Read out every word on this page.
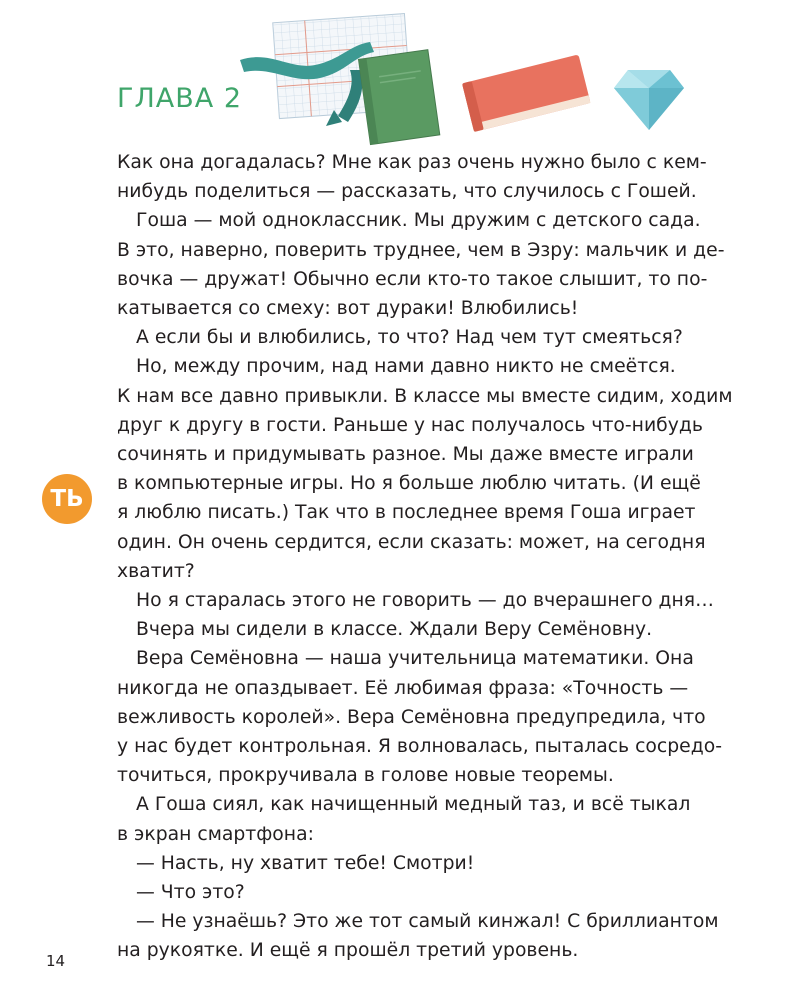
ГЛАВА 2
ТЬ

Как она догадалась? Мне как раз очень нужно было с кем-

нибудь поделиться — рассказать, что случилось с Гошей.

Гоша — мой одноклассник. Мы дружим с детского сада.

В это, наверно, поверить труднее, чем в Эзру: мальчик и де-

вочка — дружат! Обычно если кто-то такое слышит, то по-

катывается со смеху: вот дураки! Влюбились!

А если бы и влюбились, то что? Над чем тут смеяться?

Но, между прочим, над нами давно никто не смеётся.

К нам все давно привыкли. В классе мы вместе сидим, ходим

друг к другу в гости. Раньше у нас получалось что-нибудь

сочинять и придумывать разное. Мы даже вместе играли

в компьютерные игры. Но я больше люблю читать. (И ещё

я люблю писать.) Так что в последнее время Гоша играет

один. Он очень сердится, если сказать: может, на сегодня

хватит?

Но я старалась этого не говорить — до вчерашнего дня…

Вчера мы сидели в классе. Ждали Веру Семёновну.

Вера Семёновна — наша учительница математики. Она

никогда не опаздывает. Её любимая фраза: «Точность —

вежливость королей». Вера Семёновна предупредила, что

у нас будет контрольная. Я волновалась, пыталась сосредо-

точиться, прокручивала в голове новые теоремы.

А Гоша сиял, как начищенный медный таз, и всё тыкал

в экран смартфона:

— Насть, ну хватит тебе! Смотри!

— Что это?

— Не узнаёшь? Это же тот самый кинжал! С бриллиантом

на рукоятке. И ещё я прошёл третий уровень.

14
